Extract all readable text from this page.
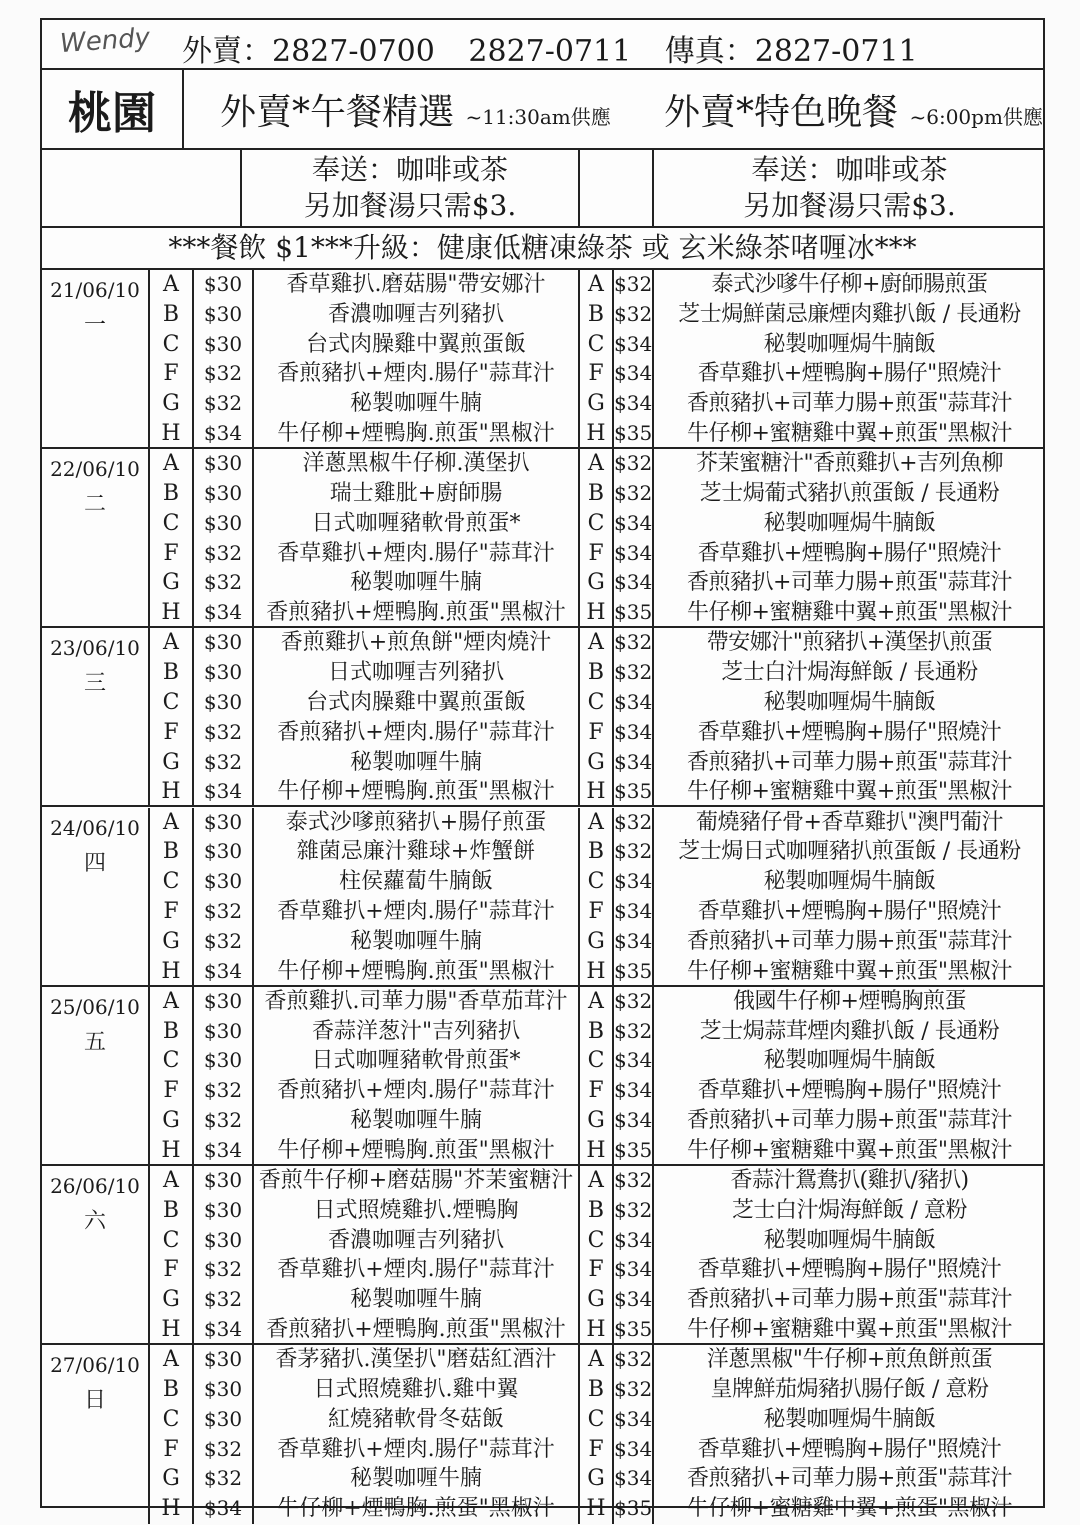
Wendy 外賣：2827-0700 2827-0711 傳真：2827-0711
桃園	外賣*午餐精選 ~11:30am供應 外賣*特色晚餐 ~6:00pm供應
奉送：咖啡或茶
另加餐湯只需$3.
奉送：咖啡或茶
另加餐湯只需$3.
***餐飲 $1***升級：健康低糖凍綠茶 或 玄米綠茶啫喱冰***
21/06/10
一
A
B
C
F
G
H
$30
$30
$30
$32
$32
$34
香草雞扒.磨菇腸"帶安娜汁
香濃咖喱吉列豬扒
台式肉臊雞中翼煎蛋飯
香煎豬扒+煙肉.腸仔"蒜茸汁
秘製咖喱牛腩
牛仔柳+煙鴨胸.煎蛋"黑椒汁
A
B
C
F
G
H
$32
$32
$34
$34
$34
$35
泰式沙嗲牛仔柳+廚師腸煎蛋
芝士焗鮮菌忌廉煙肉雞扒飯 / 長通粉
秘製咖喱焗牛腩飯
香草雞扒+煙鴨胸+腸仔"照燒汁
香煎豬扒+司華力腸+煎蛋"蒜茸汁
牛仔柳+蜜糖雞中翼+煎蛋"黑椒汁
22/06/10
二
A
B
C
F
G
H
$30
$30
$30
$32
$32
$34
洋蔥黑椒牛仔柳.漢堡扒
瑞士雞肶+廚師腸
日式咖喱豬軟骨煎蛋*
香草雞扒+煙肉.腸仔"蒜茸汁
秘製咖喱牛腩
香煎豬扒+煙鴨胸.煎蛋"黑椒汁
A
B
C
F
G
H
$32
$32
$34
$34
$34
$35
芥茉蜜糖汁"香煎雞扒+吉列魚柳
芝士焗葡式豬扒煎蛋飯 / 長通粉
秘製咖喱焗牛腩飯
香草雞扒+煙鴨胸+腸仔"照燒汁
香煎豬扒+司華力腸+煎蛋"蒜茸汁
牛仔柳+蜜糖雞中翼+煎蛋"黑椒汁
23/06/10
三
A
B
C
F
G
H
$30
$30
$30
$32
$32
$34
香煎雞扒+煎魚餅"煙肉燒汁
日式咖喱吉列豬扒
台式肉臊雞中翼煎蛋飯
香煎豬扒+煙肉.腸仔"蒜茸汁
秘製咖喱牛腩
牛仔柳+煙鴨胸.煎蛋"黑椒汁
A
B
C
F
G
H
$32
$32
$34
$34
$34
$35
帶安娜汁"煎豬扒+漢堡扒煎蛋
芝士白汁焗海鮮飯 / 長通粉
秘製咖喱焗牛腩飯
香草雞扒+煙鴨胸+腸仔"照燒汁
香煎豬扒+司華力腸+煎蛋"蒜茸汁
牛仔柳+蜜糖雞中翼+煎蛋"黑椒汁
24/06/10
四
A
B
C
F
G
H
$30
$30
$30
$32
$32
$34
泰式沙嗲煎豬扒+腸仔煎蛋
雜菌忌廉汁雞球+炸蟹餅
柱侯蘿蔔牛腩飯
香草雞扒+煙肉.腸仔"蒜茸汁
秘製咖喱牛腩
牛仔柳+煙鴨胸.煎蛋"黑椒汁
A
B
C
F
G
H
$32
$32
$34
$34
$34
$35
葡燒豬仔骨+香草雞扒"澳門葡汁
芝士焗日式咖喱豬扒煎蛋飯 / 長通粉
秘製咖喱焗牛腩飯
香草雞扒+煙鴨胸+腸仔"照燒汁
香煎豬扒+司華力腸+煎蛋"蒜茸汁
牛仔柳+蜜糖雞中翼+煎蛋"黑椒汁
25/06/10
五
A
B
C
F
G
H
$30
$30
$30
$32
$32
$34
香煎雞扒.司華力腸"香草茄茸汁
香蒜洋葱汁"吉列豬扒
日式咖喱豬軟骨煎蛋*
香煎豬扒+煙肉.腸仔"蒜茸汁
秘製咖喱牛腩
牛仔柳+煙鴨胸.煎蛋"黑椒汁
A
B
C
F
G
H
$32
$32
$34
$34
$34
$35
俄國牛仔柳+煙鴨胸煎蛋
芝士焗蒜茸煙肉雞扒飯 / 長通粉
秘製咖喱焗牛腩飯
香草雞扒+煙鴨胸+腸仔"照燒汁
香煎豬扒+司華力腸+煎蛋"蒜茸汁
牛仔柳+蜜糖雞中翼+煎蛋"黑椒汁
26/06/10
六
A
B
C
F
G
H
$30
$30
$30
$32
$32
$34
香煎牛仔柳+磨菇腸"芥茉蜜糖汁
日式照燒雞扒.煙鴨胸
香濃咖喱吉列豬扒
香草雞扒+煙肉.腸仔"蒜茸汁
秘製咖喱牛腩
香煎豬扒+煙鴨胸.煎蛋"黑椒汁
A
B
C
F
G
H
$32
$32
$34
$34
$34
$35
香蒜汁鴛鴦扒(雞扒/豬扒)
芝士白汁焗海鮮飯 / 意粉
秘製咖喱焗牛腩飯
香草雞扒+煙鴨胸+腸仔"照燒汁
香煎豬扒+司華力腸+煎蛋"蒜茸汁
牛仔柳+蜜糖雞中翼+煎蛋"黑椒汁
27/06/10
日
A
B
C
F
G
H
$30
$30
$30
$32
$32
$34
香茅豬扒.漢堡扒"磨菇紅酒汁
日式照燒雞扒.雞中翼
紅燒豬軟骨冬菇飯
香草雞扒+煙肉.腸仔"蒜茸汁
秘製咖喱牛腩
牛仔柳+煙鴨胸.煎蛋"黑椒汁
A
B
C
F
G
H
$32
$32
$34
$34
$34
$35
洋蔥黑椒"牛仔柳+煎魚餅煎蛋
皇牌鮮茄焗豬扒腸仔飯 / 意粉
秘製咖喱焗牛腩飯
香草雞扒+煙鴨胸+腸仔"照燒汁
香煎豬扒+司華力腸+煎蛋"蒜茸汁
牛仔柳+蜜糖雞中翼+煎蛋"黑椒汁
